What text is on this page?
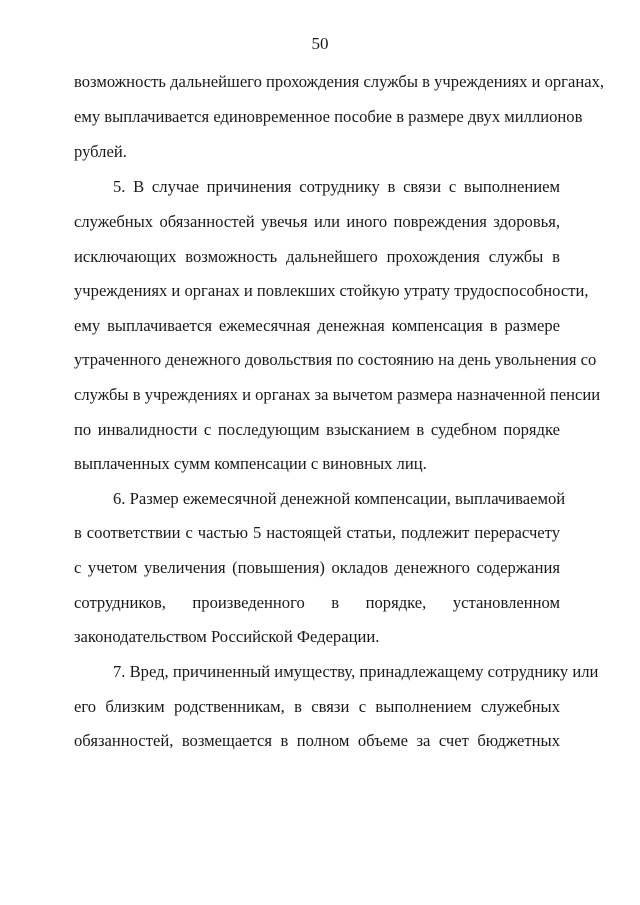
50
возможность дальнейшего прохождения службы в учреждениях и органах,
ему выплачивается единовременное пособие в размере двух миллионов
рублей.
5. В случае причинения сотруднику в связи с выполнением
служебных обязанностей увечья или иного повреждения здоровья,
исключающих возможность дальнейшего прохождения службы в
учреждениях и органах и повлекших стойкую утрату трудоспособности,
ему выплачивается ежемесячная денежная компенсация в размере
утраченного денежного довольствия по состоянию на день увольнения со
службы в учреждениях и органах за вычетом размера назначенной пенсии
по инвалидности с последующим взысканием в судебном порядке
выплаченных сумм компенсации с виновных лиц.
6. Размер ежемесячной денежной компенсации, выплачиваемой
в соответствии с частью 5 настоящей статьи, подлежит перерасчету
с учетом увеличения (повышения) окладов денежного содержания
сотрудников, произведенного в порядке, установленном
законодательством Российской Федерации.
7. Вред, причиненный имуществу, принадлежащему сотруднику или
его близким родственникам, в связи с выполнением служебных
обязанностей, возмещается в полном объеме за счет бюджетных
